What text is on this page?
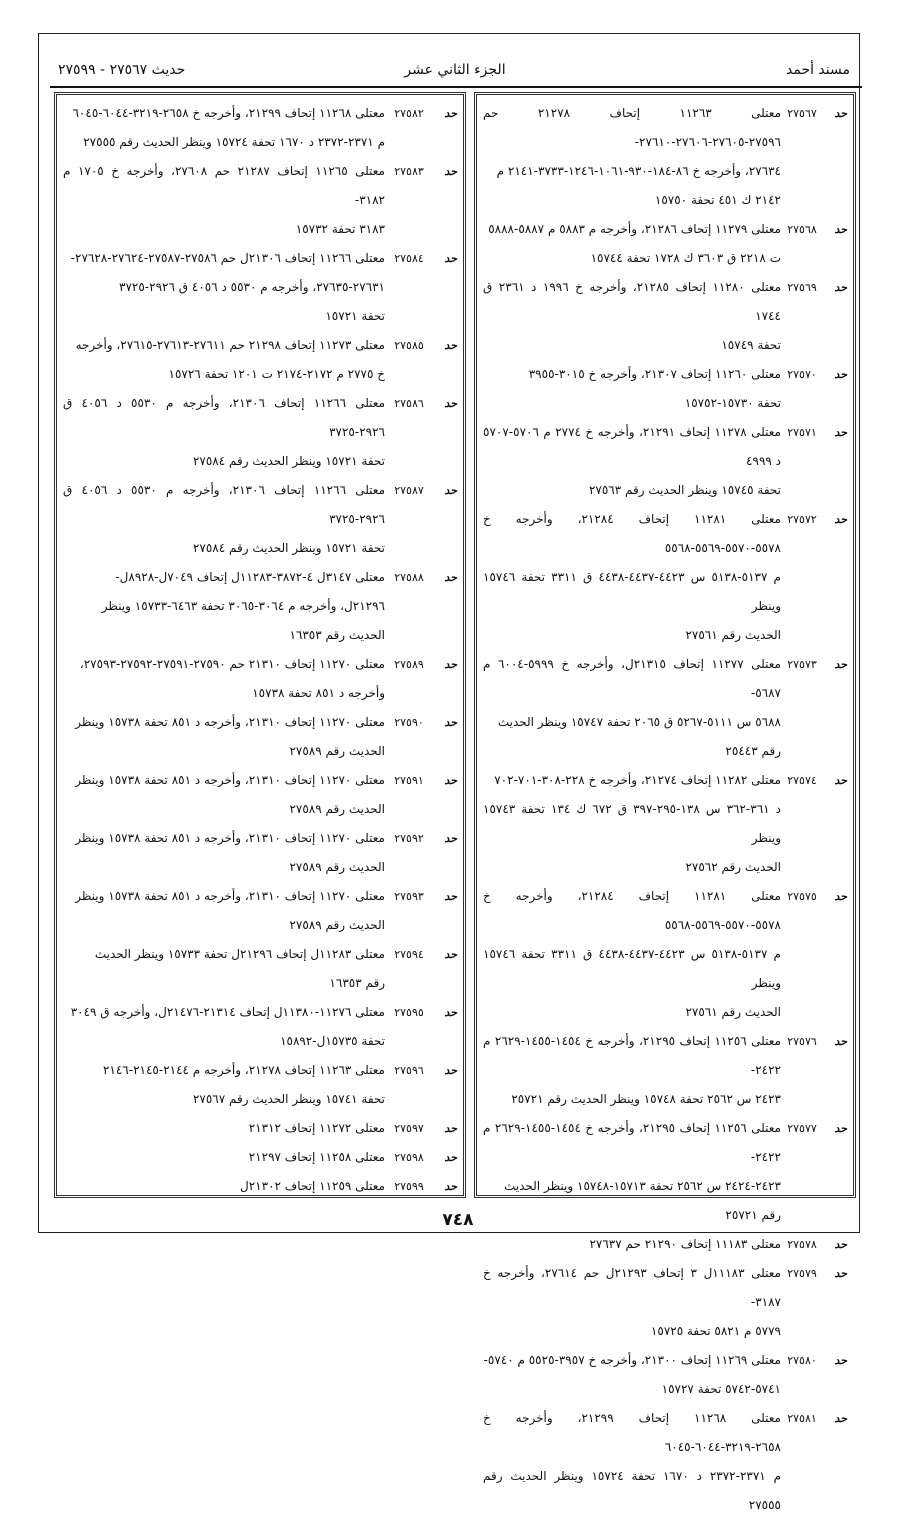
مسند أحمد
الجزء الثاني عشر
حديث ٢٧٥٦٧ - ٢٧٥٩٩
حد
٢٧٥٦٧
معتلى ١١٢٦٣ إتحاف ٢١٢٧٨ حم ٢٧٥٩٦-٢٧٦٠٥-٢٧٦٠٦-٢٧٦١٠-
٢٧٦٣٤، وأخرجه خ ٨٦-١٨٤-٩٣٠-١٠٦١-١٢٤٦-٣٧٣٣-٢١٤١ م
٢١٤٢ ك ٤٥١ تحفة ١٥٧٥٠
حد
٢٧٥٦٨
معتلى ١١٢٧٩ إتحاف ٢١٢٨٦، وأخرجه م ٥٨٨٣ م ٥٨٨٧-٥٨٨٨
ت ٢٢١٨ ق ٣٦٠٣ ك ١٧٢٨ تحفة ١٥٧٤٤
حد
٢٧٥٦٩
معتلى ١١٢٨٠ إتحاف ٢١٢٨٥، وأخرجه خ ١٩٩٦ د ٢٣٦١ ق ١٧٤٤
تحفة ١٥٧٤٩
حد
٢٧٥٧٠
معتلى ١١٢٦٠ إتحاف ٢١٣٠٧، وأخرجه خ ٣٠١٥-٣٩٥٥
تحفة ١٥٧٣٠-١٥٧٥٢
حد
٢٧٥٧١
معتلى ١١٢٧٨ إتحاف ٢١٢٩١، وأخرجه خ ٢٧٧٤ م ٥٧٠٦-٥٧٠٧ د ٤٩٩٩
تحفة ١٥٧٤٥ وينظر الحديث رقم ٢٧٥٦٣
حد
٢٧٥٧٢
معتلى ١١٢٨١ إتحاف ٢١٢٨٤، وأخرجه خ ٥٥٧٨-٥٥٧٠-٥٥٦٩-٥٥٦٨
م ٥١٣٧-٥١٣٨ س ٤٤٢٣-٤٤٣٧-٤٤٣٨ ق ٣٣١١ تحفة ١٥٧٤٦ وينظر
الحديث رقم ٢٧٥٦١
حد
٢٧٥٧٣
معتلى ١١٢٧٧ إتحاف ٢١٣١٥ل، وأخرجه خ ٥٩٩٩-٦٠٠٤ م ٥٦٨٧-
٥٦٨٨ س ٥١١١-٥٢٦٧ ق ٢٠٦٥ تحفة ١٥٧٤٧ وينظر الحديث
رقم ٢٥٤٤٣
حد
٢٧٥٧٤
معتلى ١١٢٨٢ إتحاف ٢١٢٧٤، وأخرجه خ ٢٢٨-٣٠٨-٧٠١-٧٠٢
د ٣٦١-٣٦٢ س ١٣٨-٢٩٥-٣٩٧ ق ٦٧٢ ك ١٣٤ تحفة ١٥٧٤٣ وينظر
الحديث رقم ٢٧٥٦٢
حد
٢٧٥٧٥
معتلى ١١٢٨١ إتحاف ٢١٢٨٤، وأخرجه خ ٥٥٧٨-٥٥٧٠-٥٥٦٩-٥٥٦٨
م ٥١٣٧-٥١٣٨ س ٤٤٢٣-٤٤٣٧-٤٤٣٨ ق ٣٣١١ تحفة ١٥٧٤٦ وينظر
الحديث رقم ٢٧٥٦١
حد
٢٧٥٧٦
معتلى ١١٢٥٦ إتحاف ٢١٢٩٥، وأخرجه خ ١٤٥٤-١٤٥٥-٢٦٢٩ م ٢٤٢٢-
٢٤٢٣ س ٢٥٦٢ تحفة ١٥٧٤٨ وينظر الحديث رقم ٢٥٧٢١
حد
٢٧٥٧٧
معتلى ١١٢٥٦ إتحاف ٢١٢٩٥، وأخرجه خ ١٤٥٤-١٤٥٥-٢٦٢٩ م ٢٤٢٢-
٢٤٢٣-٢٤٢٤ س ٢٥٦٢ تحفة ١٥٧١٣-١٥٧٤٨ وينظر الحديث
رقم ٢٥٧٢١
حد
٢٧٥٧٨
معتلى ١١١٨٣ إتحاف ٢١٢٩٠ حم ٢٧٦٣٧
حد
٢٧٥٧٩
معتلى ١١١٨٣ل ٣ إتحاف ٢١٢٩٣ل حم ٢٧٦١٤، وأخرجه خ ٣١٨٧-
٥٧٧٩ م ٥٨٢١ تحفة ١٥٧٢٥
حد
٢٧٥٨٠
معتلى ١١٢٦٩ إتحاف ٢١٣٠٠، وأخرجه خ ٣٩٥٧-٥٥٢٥ م ٥٧٤٠-
٥٧٤١-٥٧٤٢ تحفة ١٥٧٢٧
حد
٢٧٥٨١
معتلى ١١٢٦٨ إتحاف ٢١٢٩٩، وأخرجه خ ٢٦٥٨-٣٢١٩-٦٠٤٤-٦٠٤٥
م ٢٣٧١-٢٣٧٢ د ١٦٧٠ تحفة ١٥٧٢٤ وينظر الحديث رقم ٢٧٥٥٥
حد
٢٧٥٨٢
معتلى ١١٢٦٨ إتحاف ٢١٢٩٩، وأخرجه خ ٢٦٥٨-٣٢١٩-٦٠٤٤-٦٠٤٥
م ٢٣٧١-٢٣٧٢ د ١٦٧٠ تحفة ١٥٧٢٤ وينظر الحديث رقم ٢٧٥٥٥
حد
٢٧٥٨٣
معتلى ١١٢٦٥ إتحاف ٢١٢٨٧ حم ٢٧٦٠٨، وأخرجه خ ١٧٠٥ م ٣١٨٢-
٣١٨٣ تحفة ١٥٧٣٢
حد
٢٧٥٨٤
معتلى ١١٢٦٦ إتحاف ٢١٣٠٦ل حم ٢٧٥٨٦-٢٧٥٨٧-٢٧٦٢٤-٢٧٦٢٨-
٢٧٦٣١-٢٧٦٣٥، وأخرجه م ٥٥٣٠ د ٤٠٥٦ ق ٢٩٢٦-٣٧٢٥
تحفة ١٥٧٢١
حد
٢٧٥٨٥
معتلى ١١٢٧٣ إتحاف ٢١٢٩٨ حم ٢٧٦١١-٢٧٦١٣-٢٧٦١٥، وأخرجه
خ ٢٧٧٥ م ٢١٧٢-٢١٧٤ ت ١٢٠١ تحفة ١٥٧٢٦
حد
٢٧٥٨٦
معتلى ١١٢٦٦ إتحاف ٢١٣٠٦، وأخرجه م ٥٥٣٠ د ٤٠٥٦ ق ٢٩٢٦-٣٧٢٥
تحفة ١٥٧٢١ وينظر الحديث رقم ٢٧٥٨٤
حد
٢٧٥٨٧
معتلى ١١٢٦٦ إتحاف ٢١٣٠٦، وأخرجه م ٥٥٣٠ د ٤٠٥٦ ق ٢٩٢٦-٣٧٢٥
تحفة ١٥٧٢١ وينظر الحديث رقم ٢٧٥٨٤
حد
٢٧٥٨٨
معتلى ٣١٤٧ل ٤-٣٨٧٢-١١٢٨٣ل إتحاف ٧٠٤٩ل-٨٩٢٨ل-
٢١٢٩٦ل، وأخرجه م ٣٠٦٤-٣٠٦٥ تحفة ٦٤٦٣-١٥٧٣٣ وينظر
الحديث رقم ١٦٣٥٣
حد
٢٧٥٨٩
معتلى ١١٢٧٠ إتحاف ٢١٣١٠ حم ٢٧٥٩٠-٢٧٥٩١-٢٧٥٩٢-٢٧٥٩٣،
وأخرجه د ٨٥١ تحفة ١٥٧٣٨
حد
٢٧٥٩٠
معتلى ١١٢٧٠ إتحاف ٢١٣١٠، وأخرجه د ٨٥١ تحفة ١٥٧٣٨ وينظر
الحديث رقم ٢٧٥٨٩
حد
٢٧٥٩١
معتلى ١١٢٧٠ إتحاف ٢١٣١٠، وأخرجه د ٨٥١ تحفة ١٥٧٣٨ وينظر
الحديث رقم ٢٧٥٨٩
حد
٢٧٥٩٢
معتلى ١١٢٧٠ إتحاف ٢١٣١٠، وأخرجه د ٨٥١ تحفة ١٥٧٣٨ وينظر
الحديث رقم ٢٧٥٨٩
حد
٢٧٥٩٣
معتلى ١١٢٧٠ إتحاف ٢١٣١٠، وأخرجه د ٨٥١ تحفة ١٥٧٣٨ وينظر
الحديث رقم ٢٧٥٨٩
حد
٢٧٥٩٤
معتلى ١١٢٨٣ل إتحاف ٢١٢٩٦ل تحفة ١٥٧٣٣ وينظر الحديث
رقم ١٦٣٥٣
حد
٢٧٥٩٥
معتلى ١١٢٧٦-١١٣٨٠ل إتحاف ٢١٣١٤-٢١٤٧٦ل، وأخرجه ق ٣٠٤٩
تحفة ١٥٧٣٥ل-١٥٨٩٢
حد
٢٧٥٩٦
معتلى ١١٢٦٣ إتحاف ٢١٢٧٨، وأخرجه م ٢١٤٤-٢١٤٥-٢١٤٦
تحفة ١٥٧٤١ وينظر الحديث رقم ٢٧٥٦٧
حد
٢٧٥٩٧
معتلى ١١٢٧٢ إتحاف ٢١٣١٢
حد
٢٧٥٩٨
معتلى ١١٢٥٨ إتحاف ٢١٢٩٧
حد
٢٧٥٩٩
معتلى ١١٢٥٩ إتحاف ٢١٣٠٢ل
٧٤٨
